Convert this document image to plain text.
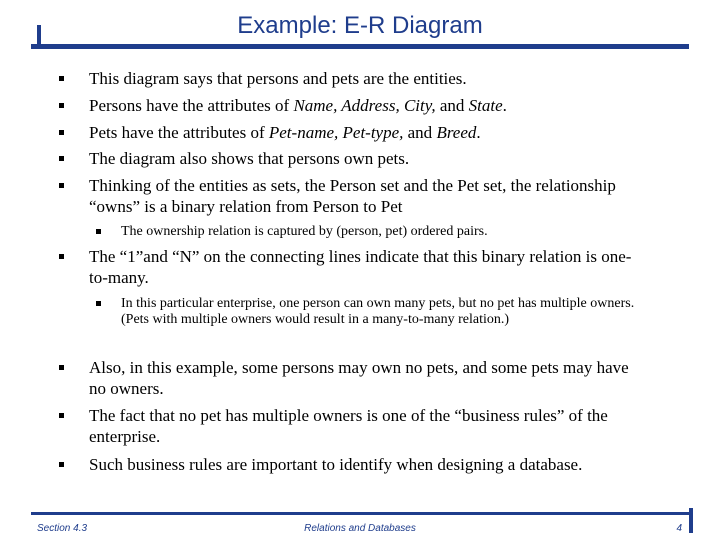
Example: E-R Diagram
This diagram says that persons and pets are the entities.
Persons have the attributes of Name, Address, City, and State.
Pets have the attributes of Pet-name, Pet-type, and Breed.
The diagram also shows that persons own pets.
Thinking of the entities as sets, the Person set and the Pet set, the relationship “owns” is a binary relation from Person to Pet
The ownership relation is captured by (person, pet) ordered pairs.
The “1”and “N” on the connecting lines indicate that this binary relation is one-to-many.
In this particular enterprise, one person can own many pets, but no pet has multiple owners. (Pets with multiple owners would result in a many-to-many relation.)
Also, in this example, some persons may own no pets, and some pets may have no owners.
The fact that no pet has multiple owners is one of the “business rules” of the enterprise.
Such business rules are important to identify when designing a database.
Section 4.3	Relations and Databases	4
